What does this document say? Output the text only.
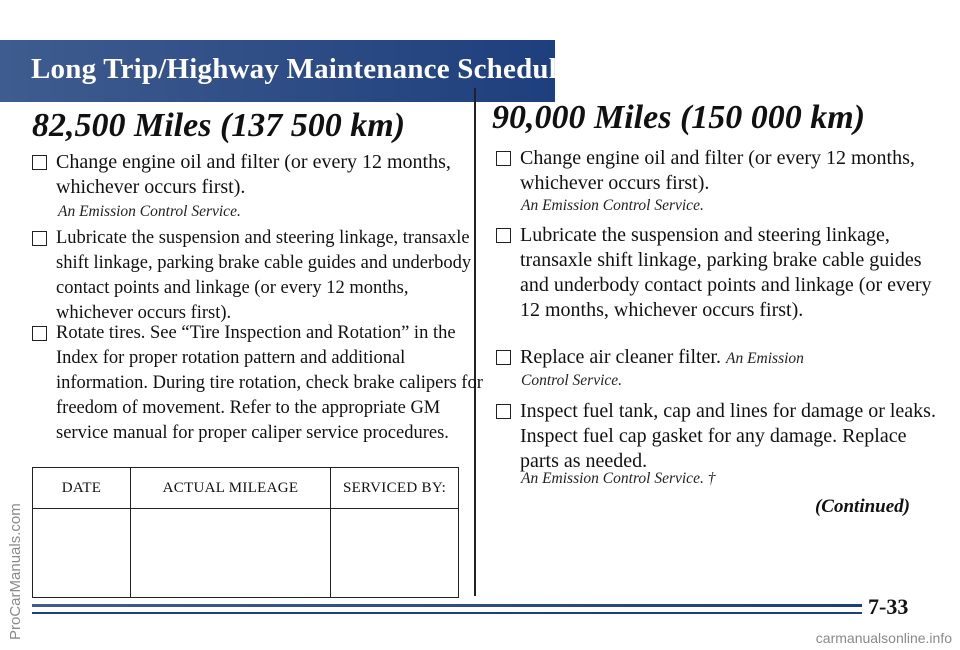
Long Trip/Highway Maintenance Schedule
82,500 Miles (137 500 km)
Change engine oil and filter (or every 12 months, whichever occurs first).
An Emission Control Service.
Lubricate the suspension and steering linkage, transaxle shift linkage, parking brake cable guides and underbody contact points and linkage (or every 12 months, whichever occurs first).
Rotate tires. See “Tire Inspection and Rotation” in the Index for proper rotation pattern and additional information. During tire rotation, check brake calipers for freedom of movement. Refer to the appropriate GM service manual for proper caliper service procedures.
DATE	ACTUAL MILEAGE	SERVICED BY:

90,000 Miles (150 000 km)
Change engine oil and filter (or every 12 months, whichever occurs first).
An Emission Control Service.
Lubricate the suspension and steering linkage, transaxle shift linkage, parking brake cable guides and underbody contact points and linkage (or every 12 months, whichever occurs first).
Replace air cleaner filter. An Emission
Control Service.
Inspect fuel tank, cap and lines for damage or leaks. Inspect fuel cap gasket for any damage. Replace parts as needed.
An Emission Control Service. †

(Continued)

7-33

ProCarManuals.com	carmanualsonline.info
